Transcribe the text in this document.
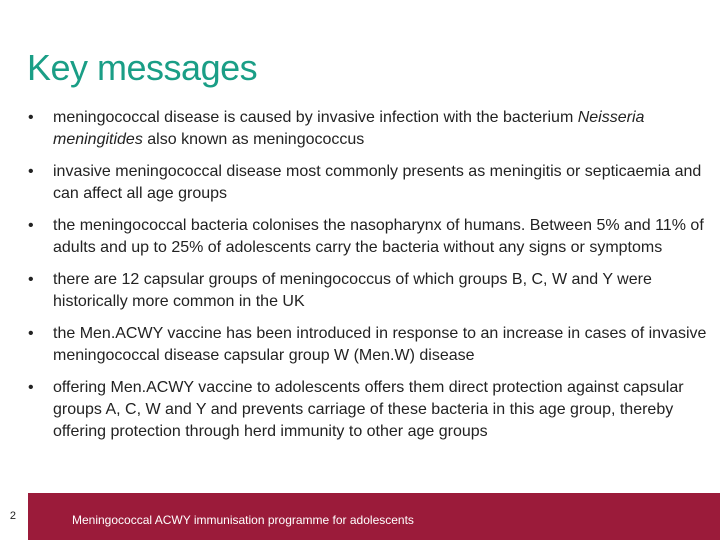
Key messages
•	meningococcal disease is caused by invasive infection with the bacterium Neisseria meningitides also known as meningococcus
•	invasive meningococcal disease most commonly presents as meningitis or septicaemia and can affect all age groups
•	the meningococcal bacteria colonises the nasopharynx of humans. Between 5% and 11% of adults and up to 25% of adolescents carry the bacteria without any signs or symptoms
•	there are 12 capsular groups of meningococcus of which groups B, C, W and Y were historically more common in the UK
•	the Men.ACWY vaccine has been introduced in response to an increase in cases of invasive meningococcal disease capsular group W (Men.W) disease
•	offering Men.ACWY vaccine to adolescents offers them direct protection against capsular groups A, C, W and Y and prevents carriage of these bacteria in this age group, thereby offering protection through herd immunity to other age groups
2	Meningococcal ACWY immunisation programme for adolescents
